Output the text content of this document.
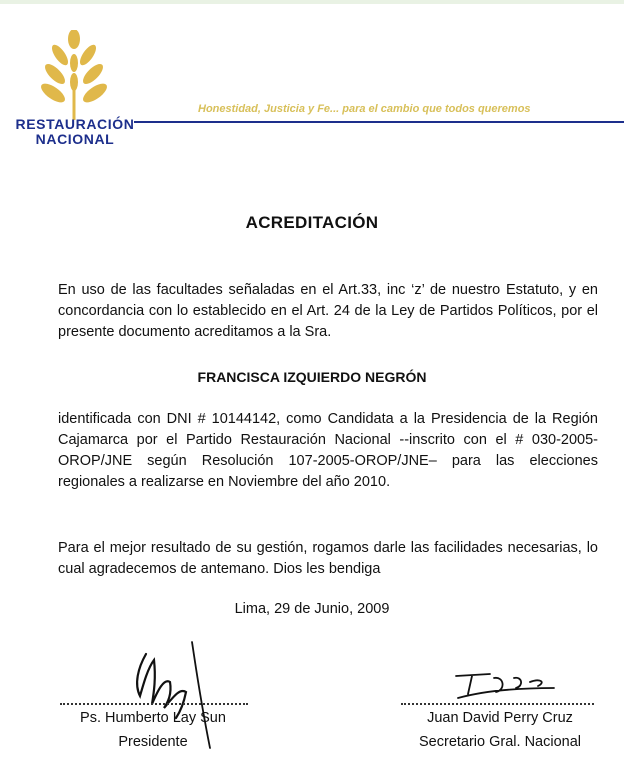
RESTAURACIÓN
NACIONAL
Honestidad, Justicia y Fe... para el cambio que todos queremos
ACREDITACIÓN

En uso de las facultades señaladas en el Art.33, inc ‘z’ de nuestro Estatuto, y en concordancia con lo establecido en el Art. 24 de la Ley de Partidos Políticos, por el presente documento acreditamos a la Sra.

FRANCISCA IZQUIERDO NEGRÓN

identificada con DNI # 10144142, como Candidata a la Presidencia de la Región Cajamarca por el Partido Restauración Nacional --inscrito con el # 030-2005-OROP/JNE según Resolución 107-2005-OROP/JNE– para las elecciones regionales a realizarse en Noviembre del año 2010.

Para el mejor resultado de su gestión, rogamos darle las facilidades necesarias, lo cual agradecemos de antemano. Dios les bendiga

Lima, 29 de Junio, 2009
Ps. Humberto Lay Sun
Presidente
Juan David Perry Cruz
Secretario Gral. Nacional
